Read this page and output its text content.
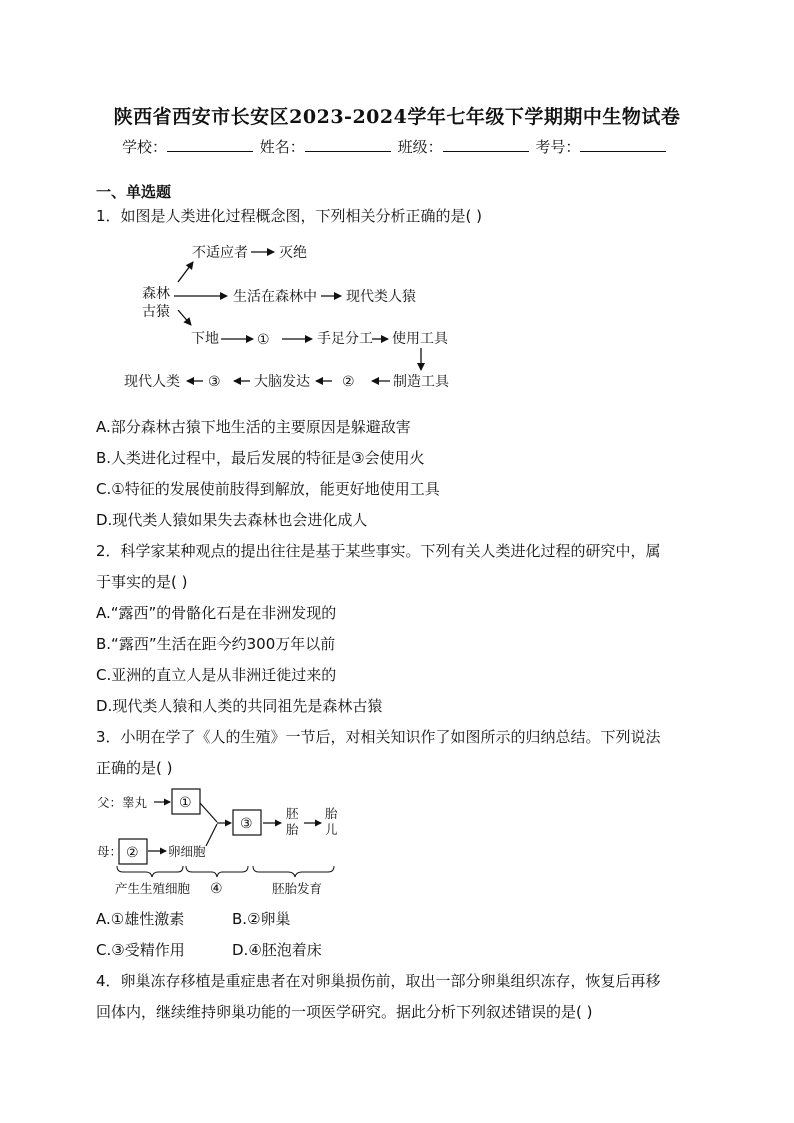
陕西省西安市长安区2023-2024学年七年级下学期期中生物试卷
学校：	姓名：	班级：	考号：
一、单选题
1．如图是人类进化过程概念图，下列相关分析正确的是( )
不适应者 灭绝
森林
古猿
生活在森林中 现代类人猿
下地	①	手足分工 使用工具
制造工具
②
大脑发达
③
现代人类
A.部分森林古猿下地生活的主要原因是躲避敌害
B.人类进化过程中，最后发展的特征是③会使用火
C.①特征的发展使前肢得到解放，能更好地使用工具
D.现代类人猿如果失去森林也会进化成人
2．科学家某种观点的提出往往是基于某些事实。下列有关人类进化过程的研究中，属
于事实的是( )
A.“露西”的骨骼化石是在非洲发现的
B.“露西”生活在距今约300万年以前
C.亚洲的直立人是从非洲迁徙过来的
D.现代类人猿和人类的共同祖先是森林古猿
3．小明在学了《人的生殖》一节后，对相关知识作了如图所示的归纳总结。下列说法
正确的是( )
父：睾丸 ①
③
胚
胎
胎
儿
母： ② 卵细胞
产生生殖细胞 ④	胚胎发育
A.①雄性激素	B.②卵巢
C.③受精作用	D.④胚泡着床
4．卵巢冻存移植是重症患者在对卵巢损伤前，取出一部分卵巢组织冻存，恢复后再移
回体内，继续维持卵巢功能的一项医学研究。据此分析下列叙述错误的是( )
